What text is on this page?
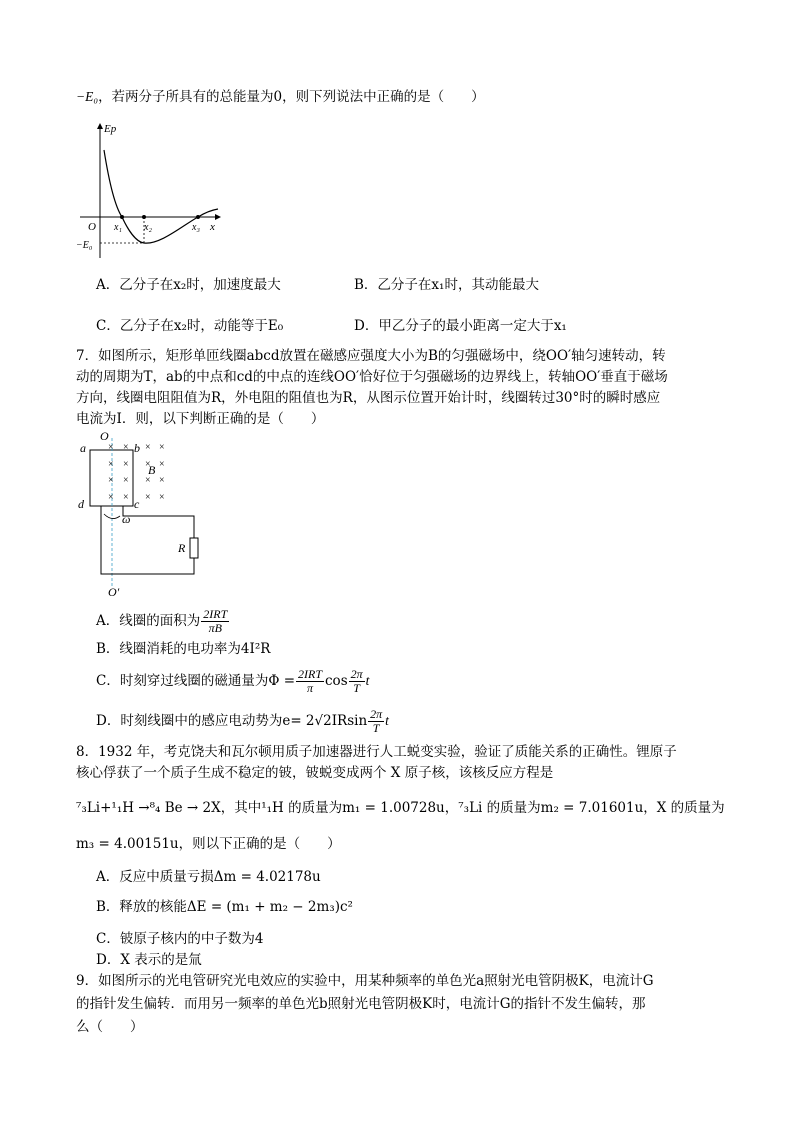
−E₀，若两分子所具有的总能量为0，则下列说法中正确的是（　　）
Ep
O	x
x₁ x₂	x₃
−E₀
A．乙分子在x₂时，加速度最大	B．乙分子在x₁时，其动能最大
C．乙分子在x₂时，动能等于E₀	D．甲乙分子的最小距离一定大于x₁
7．如图所示，矩形单匝线圈abcd放置在磁感应强度大小为B的匀强磁场中，绕OO′轴匀速转动，转
动的周期为T，ab的中点和cd的中点的连线OO′恰好位于匀强磁场的边界线上，转轴OO′垂直于磁场
方向，线圈电阻阻值为R，外电阻的阻值也为R，从图示位置开始计时，线圈转过30°时的瞬时感应
电流为I．则，以下判断正确的是（　　）
× × × ×
× × × ×
× × × ×
× × × ×
O
a	b
d	c
B
ω
R
O′
A．线圈的面积为 $\frac{\text{2IRT}}{\pi B}$
B．线圈消耗的电功率为4I²R
C．时刻穿过线圈的磁通量为$\Phi = \frac{\text{2IRT}}{\pi}$ $\cos \frac{2\pi}{T}$ t
D．时刻线圈中的感应电动势为$e= 2√2IRsin \frac{2\pi}{T}$ t
8．1932 年，考克饶夫和瓦尔顿用质子加速器进行人工蜕变实验，验证了质能关系的正确性。锂原子
核心俘获了一个质子生成不稳定的铍，铍蜕变成两个 X 原子核，该核反应方程是
⁷₃Li+¹₁H →⁸₄ Be → 2X，其中¹₁H 的质量为m₁ = 1.00728u，⁷₃Li 的质量为m₂ = 7.01601u，X 的质量为
m₃ = 4.00151u，则以下正确的是（　　）
A．反应中质量亏损Δm = 4.02178u
B．释放的核能ΔE = (m₁ + m₂ − 2m₃)c²
C．铍原子核内的中子数为4
D．X 表示的是氚
9．如图所示的光电管研究光电效应的实验中，用某种频率的单色光a照射光电管阴极K，电流计G
的指针发生偏转．而用另一频率的单色光b照射光电管阴极K时，电流计G的指针不发生偏转，那
么（　　）
